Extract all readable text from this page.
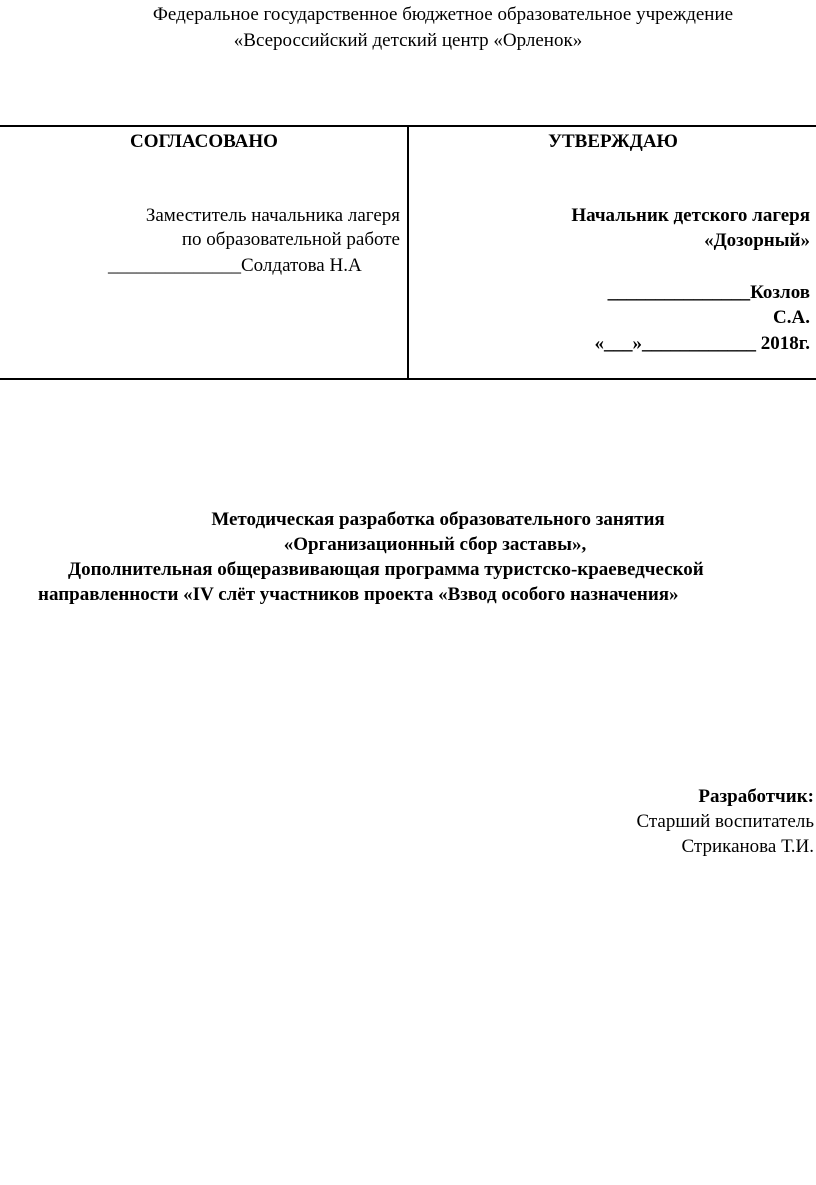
Федеральное государственное бюджетное образовательное учреждение
«Всероссийский детский центр «Орленок»
СОГЛАСОВАНО
Заместитель начальника лагеря
по образовательной работе
______________Солдатова Н.А
УТВЕРЖДАЮ
Начальник детского лагеря
«Дозорный»
_______________Козлов
С.А.
«___»____________ 2018г.
Методическая разработка образовательного занятия
«Организационный сбор заставы»,
Дополнительная общеразвивающая программа туристско-краеведческой
направленности «IV слёт участников проекта «Взвод особого назначения»
Разработчик:
Старший воспитатель
Стриканова Т.И.
